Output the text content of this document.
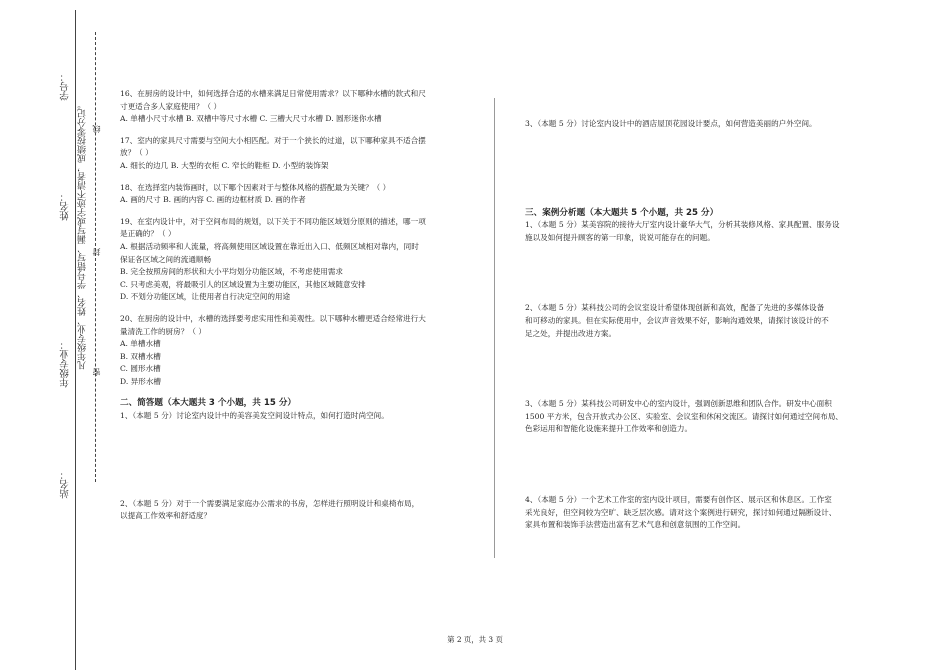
学号：
姓名：
年级专业：
站名：
凡年级专业、姓名、学号错写、漏写或字迹不清者，成绩按零分记。 线
封
密

16、在厨房的设计中，如何选择合适的水槽来满足日常使用需求？以下哪种水槽的款式和尺

寸更适合多人家庭使用？（ ）

A. 单槽小尺寸水槽 B. 双槽中等尺寸水槽 C. 三槽大尺寸水槽 D. 圆形迷你水槽

17、室内的家具尺寸需要与空间大小相匹配。对于一个狭长的过道，以下哪种家具不适合摆

放？（ ）

A. 细长的边几 B. 大型的衣柜 C. 窄长的鞋柜 D. 小型的装饰架

18、在选择室内装饰画时，以下哪个因素对于与整体风格的搭配最为关键？（ ）

A. 画的尺寸 B. 画的内容 C. 画的边框材质 D. 画的作者

19、在室内设计中，对于空间布局的规划，以下关于不同功能区域划分原则的描述，哪一项

是正确的？（ ）

A. 根据活动频率和人流量，将高频使用区域设置在靠近出入口、低频区域相对靠内，同时

保证各区域之间的流通顺畅

B. 完全按照房间的形状和大小平均划分功能区域，不考虑使用需求

C. 只考虑美观，将最吸引人的区域设置为主要功能区，其他区域随意安排

D. 不划分功能区域，让使用者自行决定空间的用途

20、在厨房的设计中，水槽的选择要考虑实用性和美观性。以下哪种水槽更适合经常进行大

量清洗工作的厨房？（ ）

A. 单槽水槽

B. 双槽水槽

C. 圆形水槽

D. 异形水槽

二、简答题（本大题共 3 个小题，共 15 分）

1、（本题 5 分）讨论室内设计中的美容美发空间设计特点，如何打造时尚空间。

2、（本题 5 分）对于一个需要满足家庭办公需求的书房，怎样进行照明设计和桌椅布局，

以提高工作效率和舒适度？

3、（本题 5 分）讨论室内设计中的酒店屋顶花园设计要点，如何营造美丽的户外空间。

三、案例分析题（本大题共 5 个小题，共 25 分）

1、（本题 5 分）某美容院的接待大厅室内设计豪华大气，分析其装修风格、家具配置、服务设

施以及如何提升顾客的第一印象，说说可能存在的问题。

2、（本题 5 分）某科技公司的会议室设计希望体现创新和高效，配备了先进的多媒体设备

和可移动的家具。但在实际使用中，会议声音效果不好，影响沟通效果，请探讨该设计的不

足之处，并提出改进方案。

3、（本题 5 分）某科技公司研发中心的室内设计，强调创新思维和团队合作。研发中心面积

1500 平方米，包含开放式办公区、实验室、会议室和休闲交流区。请探讨如何通过空间布局、

色彩运用和智能化设施来提升工作效率和创造力。

4、（本题 5 分）一个艺术工作室的室内设计项目，需要有创作区、展示区和休息区。工作室

采光良好，但空间较为空旷、缺乏层次感。请对这个案例进行研究，探讨如何通过隔断设计、

家具布置和装饰手法营造出富有艺术气息和创意氛围的工作空间。

第 2 页，共 3 页
